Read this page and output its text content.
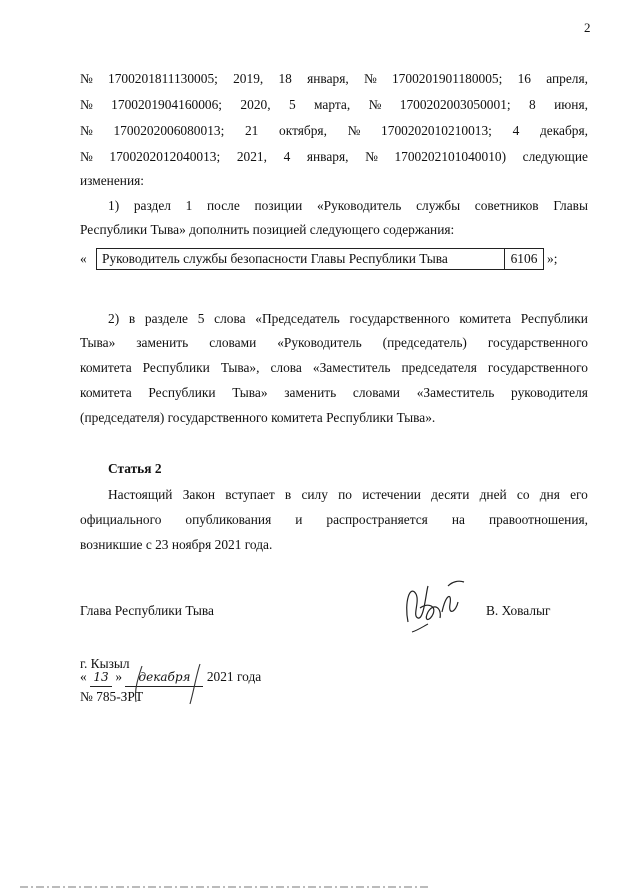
2
№ 1700201811130005; 2019, 18 января, № 1700201901180005; 16 апреля,
№ 1700201904160006; 2020, 5 марта, № 1700202003050001; 8 июня,
№ 1700202006080013; 21 октября, № 1700202010210013; 4 декабря,
№ 1700202012040013; 2021, 4 января, № 1700202101040010) следующие
изменения:
1) раздел 1 после позиции «Руководитель службы советников Главы
Республики Тыва» дополнить позицией следующего содержания:
« Руководитель службы безопасности Главы Республики Тыва	6106 »;
2) в разделе 5 слова «Председатель государственного комитета Республики
Тыва» заменить словами «Руководитель (председатель) государственного
комитета Республики Тыва», слова «Заместитель председателя государственного
комитета Республики Тыва» заменить словами «Заместитель руководителя
(председателя) государственного комитета Республики Тыва».
Статья 2
Настоящий Закон вступает в силу по истечении десяти дней со дня его
официального опубликования и распространяется на правоотношения,
возникшие с 23 ноября 2021 года.
Глава Республики Тыва	В. Ховалыг
г. Кызыл
« 13 » декабря 2021 года
№ 785-ЗРТ
